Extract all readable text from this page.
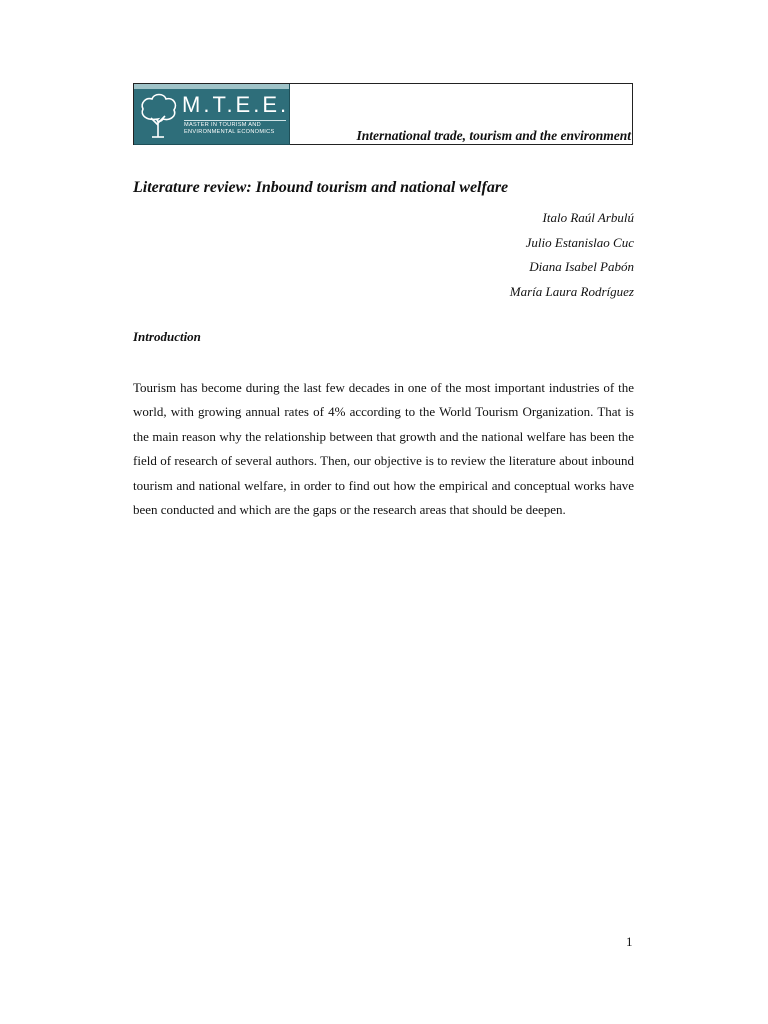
M.T.E.E.
MASTER IN TOURISM AND ENVIRONMENTAL ECONOMICS	International trade, tourism and the environment
Literature review: Inbound tourism and national welfare
Italo Raúl Arbulú
Julio Estanislao Cuc
Diana Isabel Pabón
María Laura Rodríguez
Introduction
Tourism has become during the last few decades in one of the most important industries of the world, with growing annual rates of 4% according to the World Tourism Organization. That is the main reason why the relationship between that growth and the national welfare has been the field of research of several authors. Then, our objective is to review the literature about inbound tourism and national welfare, in order to find out how the empirical and conceptual works have been conducted and which are the gaps or the research areas that should be deepen.
1
